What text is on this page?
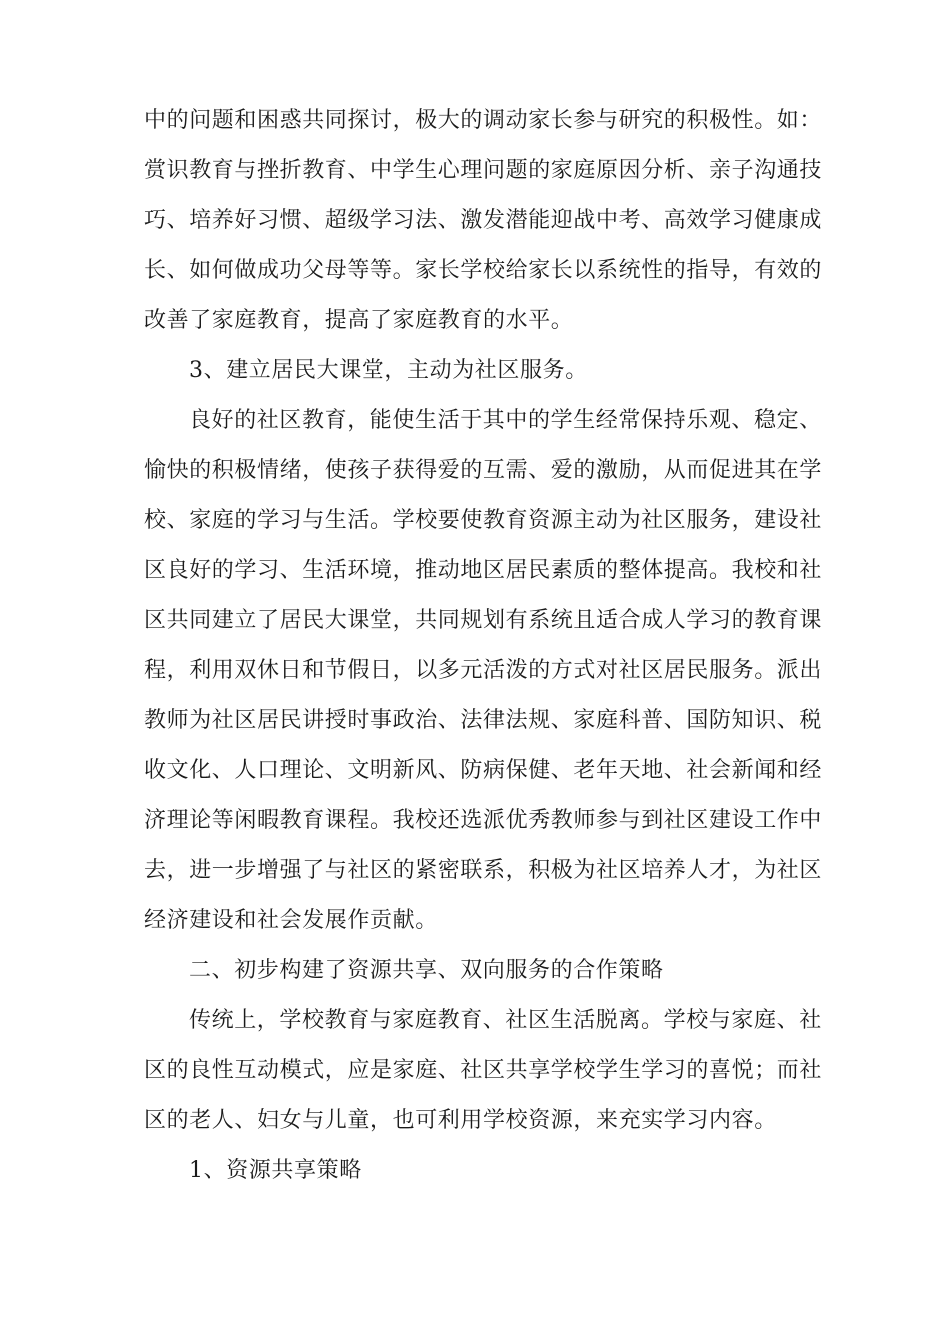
中的问题和困惑共同探讨，极大的调动家长参与研究的积极性。如：
赏识教育与挫折教育、中学生心理问题的家庭原因分析、亲子沟通技
巧、培养好习惯、超级学习法、激发潜能迎战中考、高效学习健康成
长、如何做成功父母等等。家长学校给家长以系统性的指导，有效的
改善了家庭教育，提高了家庭教育的水平。
3、建立居民大课堂，主动为社区服务。
良好的社区教育，能使生活于其中的学生经常保持乐观、稳定、
愉快的积极情绪，使孩子获得爱的互需、爱的激励，从而促进其在学
校、家庭的学习与生活。学校要使教育资源主动为社区服务，建设社
区良好的学习、生活环境，推动地区居民素质的整体提高。我校和社
区共同建立了居民大课堂，共同规划有系统且适合成人学习的教育课
程，利用双休日和节假日，以多元活泼的方式对社区居民服务。派出
教师为社区居民讲授时事政治、法律法规、家庭科普、国防知识、税
收文化、人口理论、文明新风、防病保健、老年天地、社会新闻和经
济理论等闲暇教育课程。我校还选派优秀教师参与到社区建设工作中
去，进一步增强了与社区的紧密联系，积极为社区培养人才，为社区
经济建设和社会发展作贡献。
二、初步构建了资源共享、双向服务的合作策略
传统上，学校教育与家庭教育、社区生活脱离。学校与家庭、社
区的良性互动模式，应是家庭、社区共享学校学生学习的喜悦；而社
区的老人、妇女与儿童，也可利用学校资源，来充实学习内容。
1、资源共享策略
